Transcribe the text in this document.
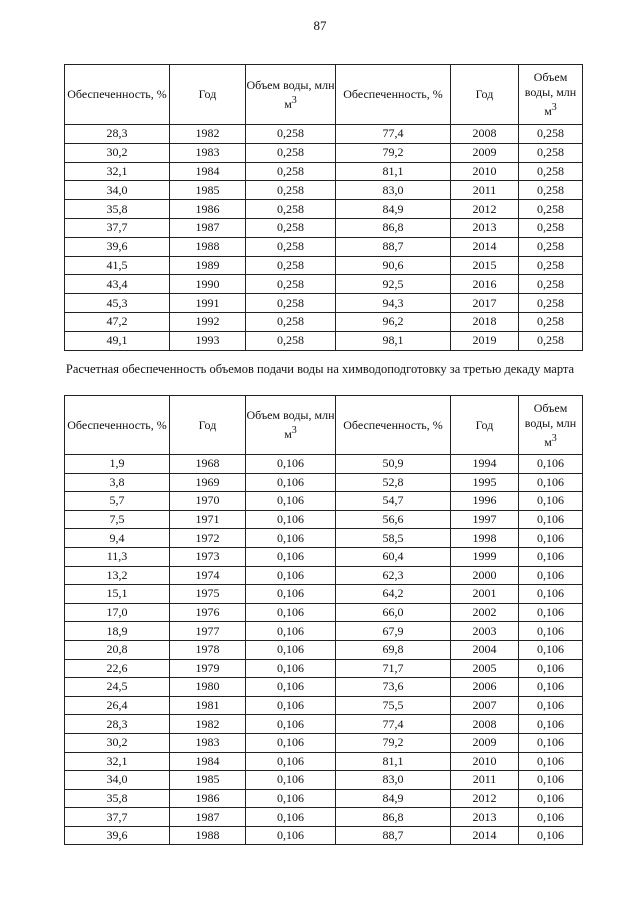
87
Обеспеченность, %	Год	Объем воды, млн $м^3$	Обеспеченность, %	Год	Объем воды, млн $м^3$
28,3	1982	0,258	77,4	2008	0,258
30,2	1983	0,258	79,2	2009	0,258
32,1	1984	0,258	81,1	2010	0,258
34,0	1985	0,258	83,0	2011	0,258
35,8	1986	0,258	84,9	2012	0,258
37,7	1987	0,258	86,8	2013	0,258
39,6	1988	0,258	88,7	2014	0,258
41,5	1989	0,258	90,6	2015	0,258
43,4	1990	0,258	92,5	2016	0,258
45,3	1991	0,258	94,3	2017	0,258
47,2	1992	0,258	96,2	2018	0,258
49,1	1993	0,258	98,1	2019	0,258
Расчетная обеспеченность объемов подачи воды на химводоподготовку за третью декаду марта
Обеспеченность, %	Год	Объем воды, млн $м^3$	Обеспеченность, %	Год	Объем воды, млн $м^3$
1,9	1968	0,106	50,9	1994	0,106
3,8	1969	0,106	52,8	1995	0,106
5,7	1970	0,106	54,7	1996	0,106
7,5	1971	0,106	56,6	1997	0,106
9,4	1972	0,106	58,5	1998	0,106
11,3	1973	0,106	60,4	1999	0,106
13,2	1974	0,106	62,3	2000	0,106
15,1	1975	0,106	64,2	2001	0,106
17,0	1976	0,106	66,0	2002	0,106
18,9	1977	0,106	67,9	2003	0,106
20,8	1978	0,106	69,8	2004	0,106
22,6	1979	0,106	71,7	2005	0,106
24,5	1980	0,106	73,6	2006	0,106
26,4	1981	0,106	75,5	2007	0,106
28,3	1982	0,106	77,4	2008	0,106
30,2	1983	0,106	79,2	2009	0,106
32,1	1984	0,106	81,1	2010	0,106
34,0	1985	0,106	83,0	2011	0,106
35,8	1986	0,106	84,9	2012	0,106
37,7	1987	0,106	86,8	2013	0,106
39,6	1988	0,106	88,7	2014	0,106
